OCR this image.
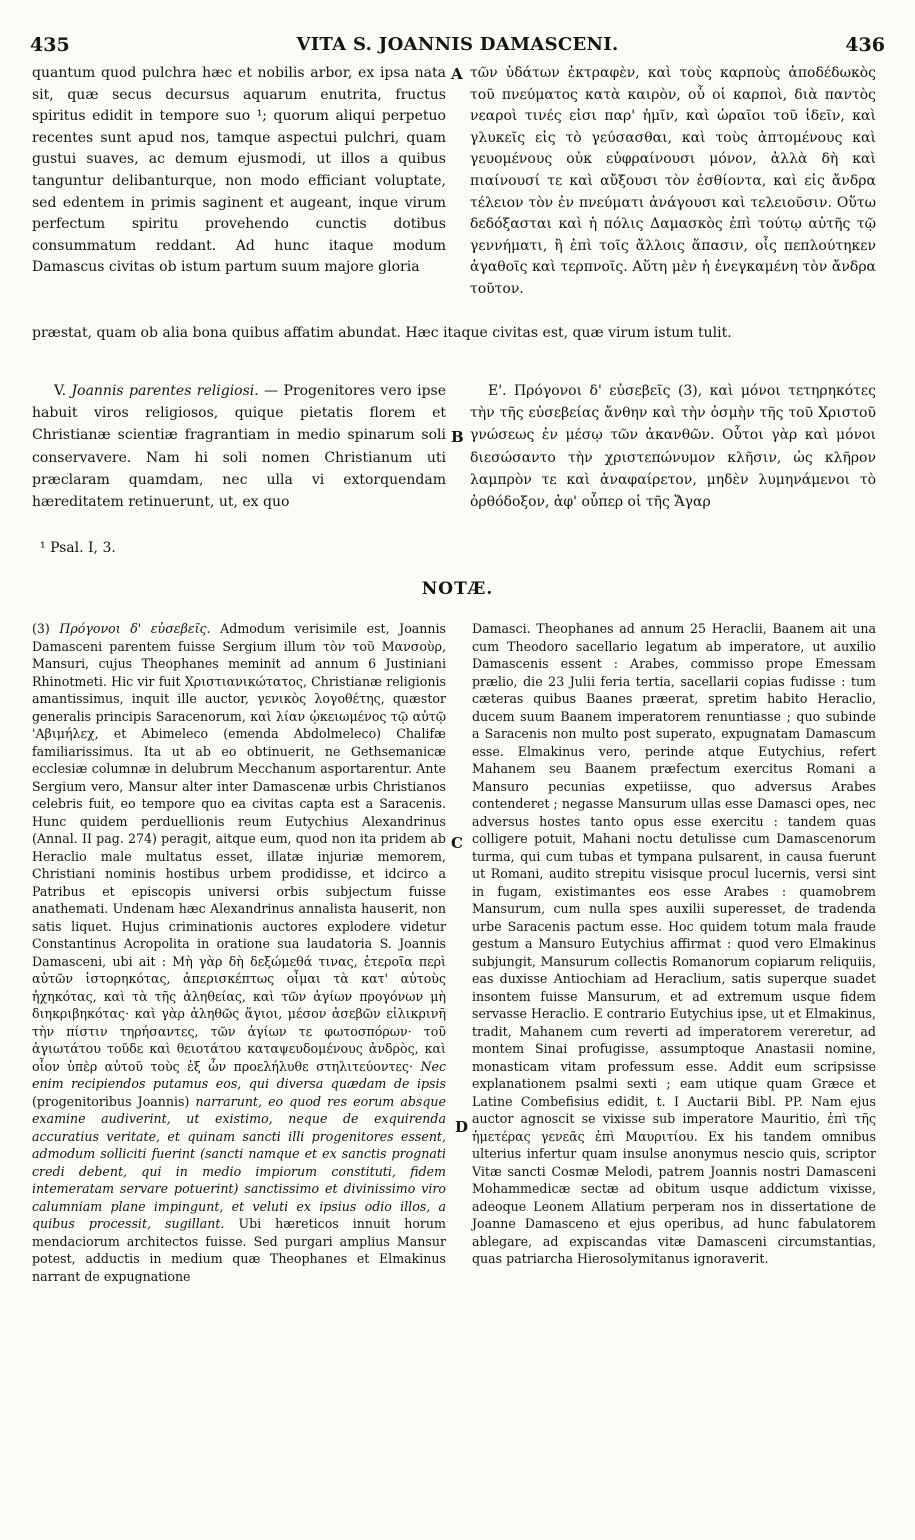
435	VITA S. JOANNIS DAMASCENI.	436

quantum quod pulchra hæc et nobilis arbor, ex ipsa nata sit, quæ secus decursus aquarum enutrita, fructus spiritus edidit in tempore suo ¹; quorum aliqui perpetuo recentes sunt apud nos, tamque aspectui pulchri, quam gustui suaves, ac demum ejusmodi, ut illos a quibus tanguntur delibanturque, non modo efficiant voluptate, sed edentem in primis saginent et augeant, inque virum perfectum spiritu provehendo cunctis dotibus consummatum reddant. Ad hunc itaque modum Damascus civitas ob istum partum suum majore gloria

A τῶν ὑδάτων ἐκτραφὲν, καὶ τοὺς καρποὺς ἀποδέδωκὸς τοῦ πνεύματος κατὰ καιρὸν, οὗ οἱ καρποὶ, διὰ παντὸς νεαροὶ τινές εἰσι παρ' ἡμῖν, καὶ ὡραῖοι τοῦ ἰδεῖν, καὶ γλυκεῖς εἰς τὸ γεύσασθαι, καὶ τοὺς ἁπτομένους καὶ γευομένους οὐκ εὐφραίνουσι μόνον, ἀλλὰ δὴ καὶ πιαίνουσί τε καὶ αὔξουσι τὸν ἐσθίοντα, καὶ εἰς ἄνδρα τέλειον τὸν ἐν πνεύματι ἀνάγουσι καὶ τελειοῦσιν. Οὕτω δεδόξασται καὶ ἡ πόλις Δαμασκὸς ἐπὶ τούτῳ αὐτῆς τῷ γεννήματι, ἢ ἐπὶ τοῖς ἄλλοις ἅπασιν, οἷς πεπλούτηκεν ἀγαθοῖς καὶ τερπνοῖς. Αὕτη μὲν ἡ ἐνεγκαμένη τὸν ἄνδρα τοῦτον.

præstat, quam ob alia bona quibus affatim abundat. Hæc itaque civitas est, quæ virum istum tulit.

V. Joannis parentes religiosi. — Progenitores vero ipse habuit viros religiosos, quique pietatis florem et Christianæ scientiæ fragrantiam in medio spinarum soli conservavere. Nam hi soli nomen Christianum uti præclaram quamdam, nec ulla vi extorquendam hæreditatem retinuerunt, ut, ex quo

B

Ε'. Πρόγονοι δ' εὐσεβεῖς (3), καὶ μόνοι τετηρηκότες τὴν τῆς εὐσεβείας ἄνθην καὶ τὴν ὀσμὴν τῆς τοῦ Χριστοῦ γνώσεως ἐν μέσῳ τῶν ἀκανθῶν. Οὗτοι γὰρ καὶ μόνοι διεσώσαντο τὴν χριστεπώνυμον κλῆσιν, ὡς κλῆρον λαμπρὸν τε καὶ ἀναφαίρετον, μηδὲν λυμηνάμενοι τὸ ὀρθόδοξον, ἀφ' οὗπερ οἱ τῆς Ἄγαρ

¹ Psal. I, 3.
NOTÆ.

(3) Πρόγονοι δ' εὐσεβεῖς. Admodum verisimile est, Joannis Damasceni parentem fuisse Sergium illum τὸν τοῦ Μανσοὺρ, Mansuri, cujus Theophanes meminit ad annum 6 Justiniani Rhinotmeti. Hic vir fuit Χριστιανικώτατος, Christianæ religionis amantissimus, inquit ille auctor, γενικὸς λογοθέτης, quæstor generalis principis Saracenorum, καὶ λίαν ᾠκειωμένος τῷ αὐτῷ 'Αβιμήλεχ, et Abimeleco (emenda Abdolmeleco) Chalifæ familiarissimus. Ita ut ab eo obtinuerit, ne Gethsemanicæ ecclesiæ columnæ in delubrum Mecchanum asportarentur. Ante Sergium vero, Mansur alter inter Damascenæ urbis Christianos celebris fuit, eo tempore quo ea civitas capta est a Saracenis. Hunc quidem perduellionis reum Eutychius Alexandrinus (Annal. II pag. 274) peragit, aitque eum, quod non ita pridem ab Heraclio male multatus esset, illatæ injuriæ memorem, Christiani nominis hostibus urbem prodidisse, et idcirco a Patribus et episcopis universi orbis subjectum fuisse anathemati. Undenam hæc Alexandrinus annalista hauserit, non satis liquet. Hujus criminationis auctores explodere videtur Constantinus Acropolita in oratione sua laudatoria S. Joannis Damasceni, ubi ait : Μὴ γὰρ δὴ δεξώμεθά τινας, ἑτεροῖα περὶ αὐτῶν ἱστορηκότας, ἀπερισκέπτως οἶμαι τὰ κατ' αὐτοὺς ἠχηκότας, καὶ τὰ τῆς ἀληθείας, καὶ τῶν ἀγίων προγόνων μὴ διηκριβηκότας· καὶ γὰρ ἀληθῶς ἅγιοι, μέσον ἀσεβῶν εἰλικρινῆ τὴν πίστιν τηρήσαντες, τῶν ἁγίων τε φωτοσπόρων· τοῦ ἁγιωτάτου τοῦδε καὶ θειοτάτου καταψευδομένους ἀνδρὸς, καὶ οἷον ὑπὲρ αὐτοῦ τοὺς ἐξ ὧν προελήλυθε στηλιτεύοντες· Nec enim recipiendos putamus eos, qui diversa quædam de ipsis (progenitoribus Joannis) narrarunt, eo quod res eorum absque examine audiverint, ut existimo, neque de exquirenda accuratius veritate, et quinam sancti illi progenitores essent, admodum solliciti fuerint (sancti namque et ex sanctis prognati credi debent, qui in medio impiorum constituti, fidem intemeratam servare potuerint) sanctissimo et divinissimo viro calumniam plane impingunt, et veluti ex ipsius odio illos, a quibus processit, sugillant. Ubi hæreticos innuit horum mendaciorum architectos fuisse. Sed purgari amplius Mansur potest, adductis in medium quæ Theophanes et Elmakinus narrant de expugnatione

C
D

Damasci. Theophanes ad annum 25 Heraclii, Baanem ait una cum Theodoro sacellario legatum ab imperatore, ut auxilio Damascenis essent : Arabes, commisso prope Emessam prælio, die 23 Julii feria tertia, sacellarii copias fudisse : tum cæteras quibus Baanes præerat, spretim habito Heraclio, ducem suum Baanem imperatorem renuntiasse ; quo subinde a Saracenis non multo post superato, expugnatam Damascum esse. Elmakinus vero, perinde atque Eutychius, refert Mahanem seu Baanem præfectum exercitus Romani a Mansuro pecunias expetiisse, quo adversus Arabes contenderet ; negasse Mansurum ullas esse Damasci opes, nec adversus hostes tanto opus esse exercitu : tandem quas colligere potuit, Mahani noctu detulisse cum Damascenorum turma, qui cum tubas et tympana pulsarent, in causa fuerunt ut Romani, audito strepitu visisque procul lucernis, versi sint in fugam, existimantes eos esse Arabes : quamobrem Mansurum, cum nulla spes auxilii superesset, de tradenda urbe Saracenis pactum esse. Hoc quidem totum mala fraude gestum a Mansuro Eutychius affirmat : quod vero Elmakinus subjungit, Mansurum collectis Romanorum copiarum reliquiis, eas duxisse Antiochiam ad Heraclium, satis superque suadet insontem fuisse Mansurum, et ad extremum usque fidem servasse Heraclio. E contrario Eutychius ipse, ut et Elmakinus, tradit, Mahanem cum reverti ad imperatorem vereretur, ad montem Sinai profugisse, assumptoque Anastasii nomine, monasticam vitam professum esse. Addit eum scripsisse explanationem psalmi sexti ; eam utique quam Græce et Latine Combefisius edidit, t. I Auctarii Bibl. PP. Nam ejus auctor agnoscit se vixisse sub imperatore Mauritio, ἐπὶ τῆς ἡμετέρας γενεᾶς ἐπὶ Μαυριτίου. Ex his tandem omnibus ulterius infertur quam insulse anonymus nescio quis, scriptor Vitæ sancti Cosmæ Melodi, patrem Joannis nostri Damasceni Mohammedicæ sectæ ad obitum usque addictum vixisse, adeoque Leonem Allatium perperam nos in dissertatione de Joanne Damasceno et ejus operibus, ad hunc fabulatorem ablegare, ad expiscandas vitæ Damasceni circumstantias, quas patriarcha Hierosolymitanus ignoraverit.
